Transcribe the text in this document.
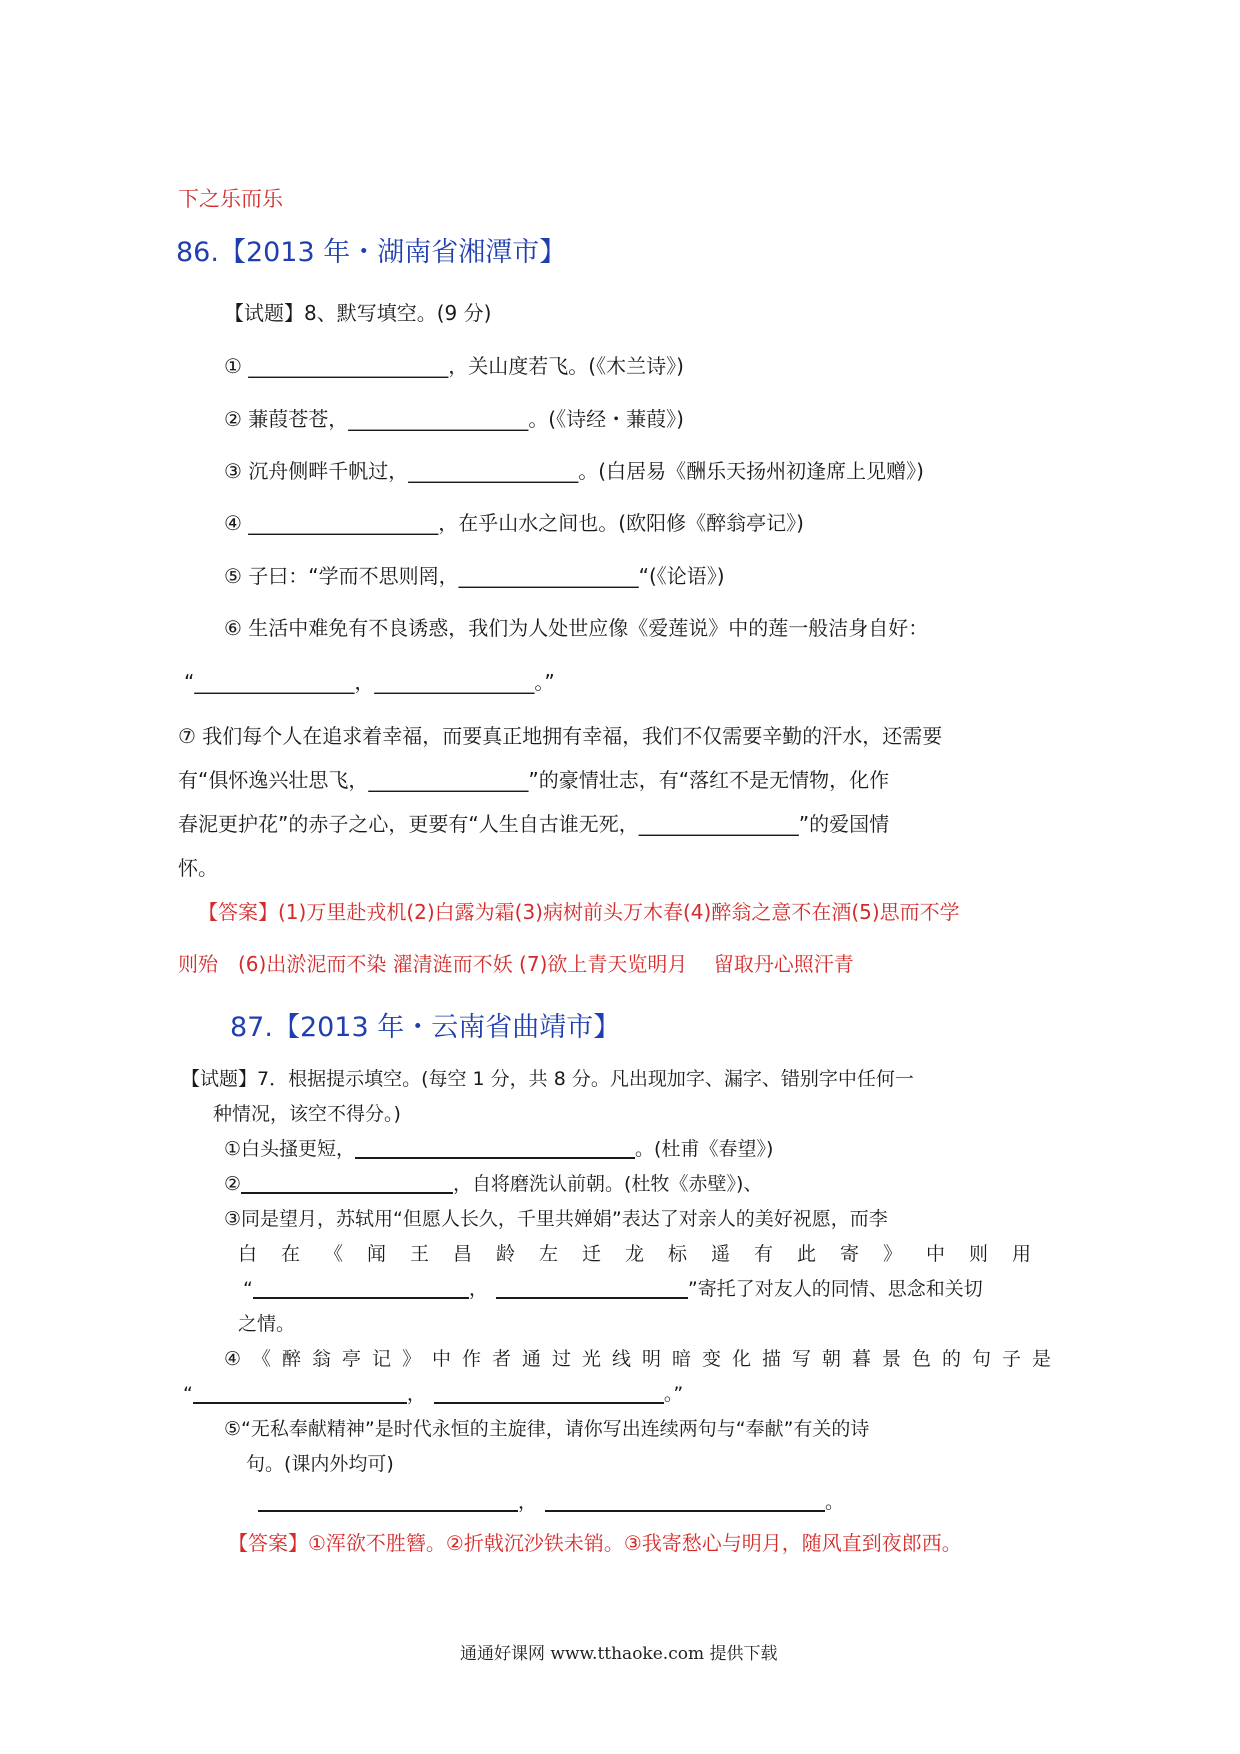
下之乐而乐
86.【2013 年・湖南省湘潭市】
【试题】8、默写填空。(9 分)
① ____________________，关山度若飞。(《木兰诗》)
② 蒹葭苍苍，__________________。(《诗经・蒹葭》)
③ 沉舟侧畔千帆过，_________________。(白居易《酬乐天扬州初逢席上见赠》)
④ ___________________，在乎山水之间也。(欧阳修《醉翁亭记》)
⑤ 子曰：“学而不思则罔，__________________“(《论语》)
⑥ 生活中难免有不良诱惑，我们为人处世应像《爱莲说》中的莲一般洁身自好：
“________________，________________。”
⑦ 我们每个人在追求着幸福，而要真正地拥有幸福，我们不仅需要辛勤的汗水，还需要
有“俱怀逸兴壮思飞，________________”的豪情壮志，有“落红不是无情物，化作
春泥更护花”的赤子之心，更要有“人生自古谁无死，________________”的爱国情
怀。
【答案】(1)万里赴戎机(2)白露为霜(3)病树前头万木春(4)醉翁之意不在酒(5)思而不学
则殆　(6)出淤泥而不染 濯清涟而不妖 (7)欲上青天览明月　 留取丹心照汗青
87.【2013 年・云南省曲靖市】
【试题】7．根据提示填空。(每空 1 分，共 8 分。凡出现加字、漏字、错别字中任何一
种情况，该空不得分。)
①白头搔更短，	。(杜甫《春望》)
②	，自将磨洗认前朝。(杜牧《赤壁》)、
③同是望月，苏轼用“但愿人长久，千里共婵娟”表达了对亲人的美好祝愿，而李
白在《闻王昌龄左迁龙标遥有此寄》中则用
“	，	”寄托了对友人的同情、思念和关切
之情。
④《醉翁亭记》中作者通过光线明暗变化描写朝暮景色的句子是
“	，	。”
⑤“无私奉献精神”是时代永恒的主旋律，请你写出连续两句与“奉献”有关的诗
句。(课内外均可)
，	。
【答案】①浑欲不胜簪。②折戟沉沙铁未销。③我寄愁心与明月，随风直到夜郎西。
通通好课网 www.tthaoke.com 提供下载
